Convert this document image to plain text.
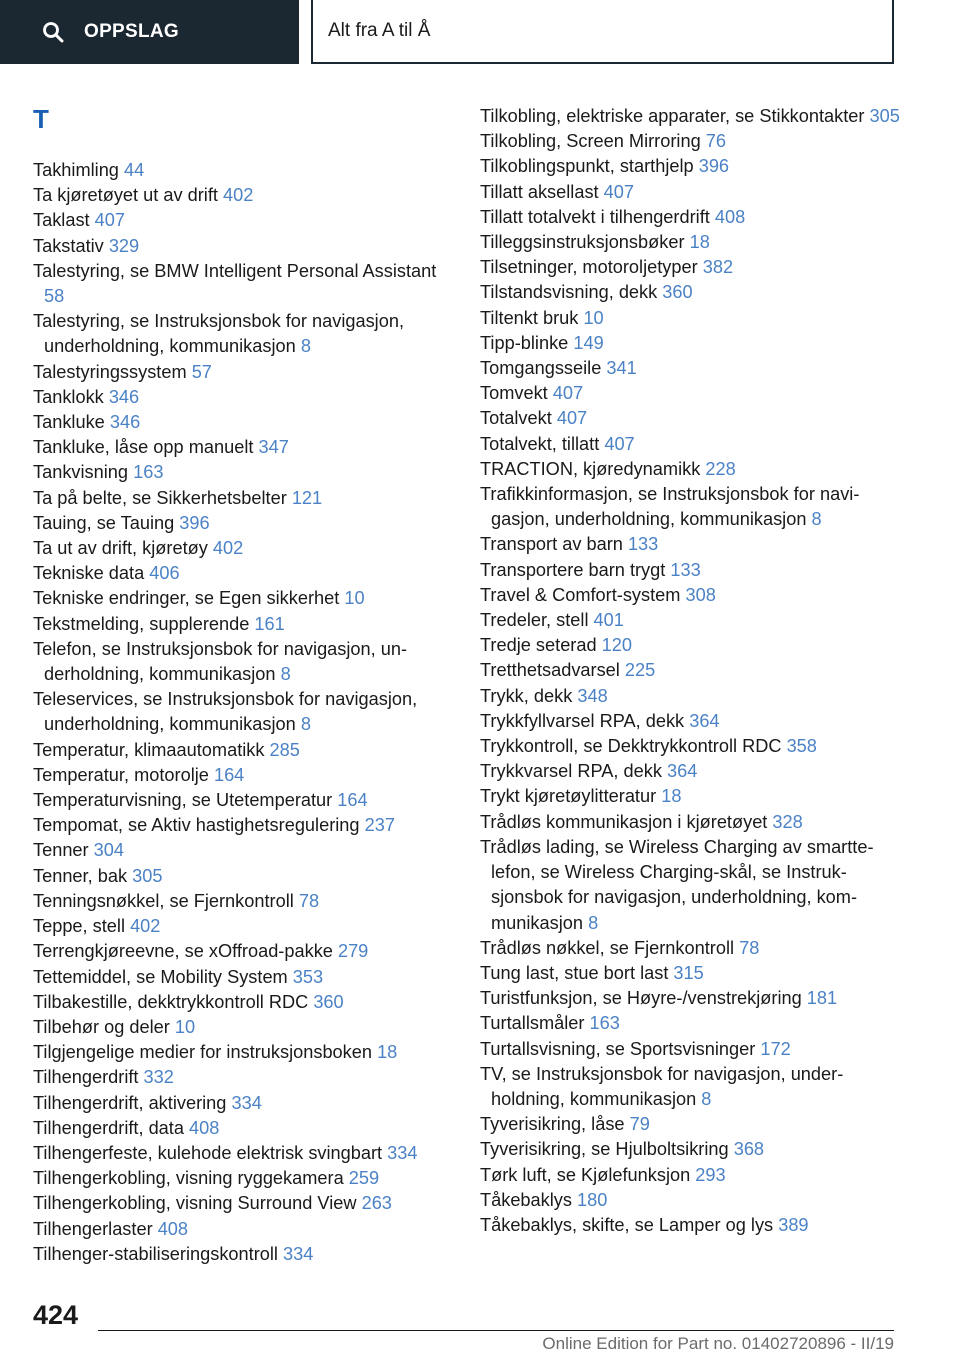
OPPSLAG	Alt fra A til Å
T

Takhimling 44

Ta kjøretøyet ut av drift 402

Taklast 407

Takstativ 329

Talestyring, se BMW Intelligent Personal Assistant 58

Talestyring, se Instruksjonsbok for navigasjon, underholdning, kommunikasjon 8

Talestyringssystem 57

Tanklokk 346

Tankluke 346

Tankluke, låse opp manuelt 347

Tankvisning 163

Ta på belte, se Sikkerhetsbelter 121

Tauing, se Tauing 396

Ta ut av drift, kjøretøy 402

Tekniske data 406

Tekniske endringer, se Egen sikkerhet 10

Tekstmelding, supplerende 161

Telefon, se Instruksjonsbok for navigasjon, underholdning, kommunikasjon 8

Teleservices, se Instruksjonsbok for navigasjon, underholdning, kommunikasjon 8

Temperatur, klimaautomatikk 285

Temperatur, motorolje 164

Temperaturvisning, se Utetemperatur 164

Tempomat, se Aktiv hastighetsregulering 237

Tenner 304

Tenner, bak 305

Tenningsnøkkel, se Fjernkontroll 78

Teppe, stell 402

Terrengkjøreevne, se xOffroad-pakke 279

Tettemiddel, se Mobility System 353

Tilbakestille, dekktrykkontroll RDC 360

Tilbehør og deler 10

Tilgjengelige medier for instruksjonsboken 18

Tilhengerdrift 332

Tilhengerdrift, aktivering 334

Tilhengerdrift, data 408

Tilhengerfeste, kulehode elektrisk svingbart 334

Tilhengerkobling, visning ryggekamera 259

Tilhengerkobling, visning Surround View 263

Tilhengerlaster 408

Tilhenger-stabiliseringskontroll 334

Tilkobling, elektriske apparater, se Stikkontakter 305

Tilkobling, Screen Mirroring 76

Tilkoblingspunkt, starthjelp 396

Tillatt aksellast 407

Tillatt totalvekt i tilhengerdrift 408

Tilleggsinstruksjonsbøker 18

Tilsetninger, motoroljetyper 382

Tilstandsvisning, dekk 360

Tiltenkt bruk 10

Tipp-blinke 149

Tomgangsseile 341

Tomvekt 407

Totalvekt 407

Totalvekt, tillatt 407

TRACTION, kjøredynamikk 228

Trafikkinformasjon, se Instruksjonsbok for navigasjon, underholdning, kommunikasjon 8

Transport av barn 133

Transportere barn trygt 133

Travel & Comfort-system 308

Tredeler, stell 401

Tredje seterad 120

Tretthetsadvarsel 225

Trykk, dekk 348

Trykkfyllvarsel RPA, dekk 364

Trykkontroll, se Dekktrykkontroll RDC 358

Trykkvarsel RPA, dekk 364

Trykt kjøretøylitteratur 18

Trådløs kommunikasjon i kjøretøyet 328

Trådløs lading, se Wireless Charging av smarttelefon, se Wireless Charging-skål, se Instruksjonsbok for navigasjon, underholdning, kommunikasjon 8

Trådløs nøkkel, se Fjernkontroll 78

Tung last, stue bort last 315

Turistfunksjon, se Høyre-/venstrekjøring 181

Turtallsmåler 163

Turtallsvisning, se Sportsvisninger 172

TV, se Instruksjonsbok for navigasjon, underholdning, kommunikasjon 8

Tyverisikring, låse 79

Tyverisikring, se Hjulboltsikring 368

Tørk luft, se Kjølefunksjon 293

Tåkebaklys 180

Tåkebaklys, skifte, se Lamper og lys 389

424
Online Edition for Part no. 01402720896 - II/19
